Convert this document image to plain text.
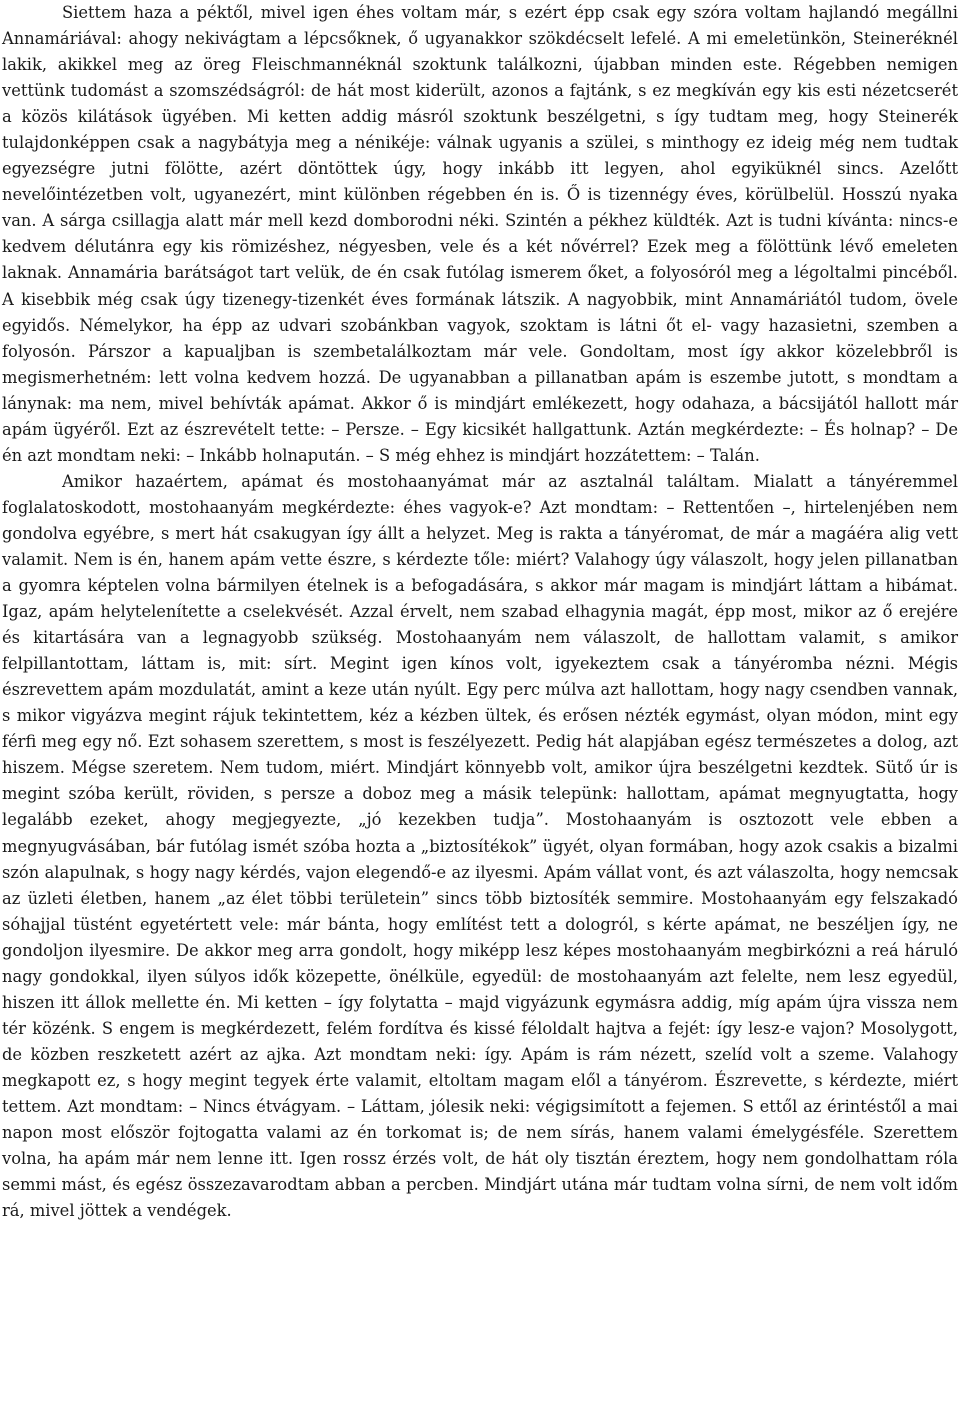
Siettem haza a péktől, mivel igen éhes voltam már, s ezért épp csak egy szóra voltam hajlandó megállni Annamáriával: ahogy nekivágtam a lépcsőknek, ő ugyanakkor szökdécselt lefelé. A mi emeletünkön, Steineréknél lakik, akikkel meg az öreg Fleischmannéknál szoktunk találkozni, újabban minden este. Régebben nemigen vettünk tudomást a szomszédságról: de hát most kiderült, azonos a fajtánk, s ez megkíván egy kis esti nézetcserét a közös kilátások ügyében. Mi ketten addig másról szoktunk beszélgetni, s így tudtam meg, hogy Steinerék tulajdonképpen csak a nagybátyja meg a nénikéje: válnak ugyanis a szülei, s minthogy ez ideig még nem tudtak egyezségre jutni fölötte, azért döntöttek úgy, hogy inkább itt legyen, ahol egyiküknél sincs. Azelőtt nevelőintézetben volt, ugyanezért, mint különben régebben én is. Ő is tizennégy éves, körülbelül. Hosszú nyaka van. A sárga csillagja alatt már mell kezd domborodni néki. Szintén a pékhez küldték. Azt is tudni kívánta: nincs-e kedvem délutánra egy kis römizéshez, négyesben, vele és a két nővérrel? Ezek meg a fölöttünk lévő emeleten laknak. Annamária barátságot tart velük, de én csak futólag ismerem őket, a folyosóról meg a légoltalmi pincéből. A kisebbik még csak úgy tizenegy-tizenkét éves formának látszik. A nagyobbik, mint Annamáriától tudom, övele egyidős. Némelykor, ha épp az udvari szobánkban vagyok, szoktam is látni őt el- vagy hazasietni, szemben a folyosón. Párszor a kapualjban is szembetalálkoztam már vele. Gondoltam, most így akkor közelebbről is megismerhetném: lett volna kedvem hozzá. De ugyanabban a pillanatban apám is eszembe jutott, s mondtam a lánynak: ma nem, mivel behívták apámat. Akkor ő is mindjárt emlékezett, hogy odahaza, a bácsijától hallott már apám ügyéről. Ezt az észrevételt tette: – Persze. – Egy kicsikét hallgattunk. Aztán megkérdezte: – És holnap? – De én azt mondtam neki: – Inkább holnapután. – S még ehhez is mindjárt hozzátettem: – Talán.

Amikor hazaértem, apámat és mostohaanyámat már az asztalnál találtam. Mialatt a tányéremmel foglalatoskodott, mostohaanyám megkérdezte: éhes vagyok-e? Azt mondtam: – Rettentően –, hirtelenjében nem gondolva egyébre, s mert hát csakugyan így állt a helyzet. Meg is rakta a tányéromat, de már a magáéra alig vett valamit. Nem is én, hanem apám vette észre, s kérdezte tőle: miért? Valahogy úgy válaszolt, hogy jelen pillanatban a gyomra képtelen volna bármilyen ételnek is a befogadására, s akkor már magam is mindjárt láttam a hibámat. Igaz, apám helytelenítette a cselekvését. Azzal érvelt, nem szabad elhagynia magát, épp most, mikor az ő erejére és kitartására van a legnagyobb szükség. Mostohaanyám nem válaszolt, de hallottam valamit, s amikor felpillantottam, láttam is, mit: sírt. Megint igen kínos volt, igyekeztem csak a tányéromba nézni. Mégis észrevettem apám mozdulatát, amint a keze után nyúlt. Egy perc múlva azt hallottam, hogy nagy csendben vannak, s mikor vigyázva megint rájuk tekintettem, kéz a kézben ültek, és erősen nézték egymást, olyan módon, mint egy férfi meg egy nő. Ezt sohasem szerettem, s most is feszélyezett. Pedig hát alapjában egész természetes a dolog, azt hiszem. Mégse szeretem. Nem tudom, miért. Mindjárt könnyebb volt, amikor újra beszélgetni kezdtek. Sütő úr is megint szóba került, röviden, s persze a doboz meg a másik telepünk: hallottam, apámat megnyugtatta, hogy legalább ezeket, ahogy megjegyezte, „jó kezekben tudja”. Mostohaanyám is osztozott vele ebben a megnyugvásában, bár futólag ismét szóba hozta a „biztosítékok” ügyét, olyan formában, hogy azok csakis a bizalmi szón alapulnak, s hogy nagy kérdés, vajon elegendő-e az ilyesmi. Apám vállat vont, és azt válaszolta, hogy nemcsak az üzleti életben, hanem „az élet többi területein” sincs több biztosíték semmire. Mostohaanyám egy felszakadó sóhajjal tüstént egyetértett vele: már bánta, hogy említést tett a dologról, s kérte apámat, ne beszéljen így, ne gondoljon ilyesmire. De akkor meg arra gondolt, hogy miképp lesz képes mostohaanyám megbirkózni a reá háruló nagy gondokkal, ilyen súlyos idők közepette, önélküle, egyedül: de mostohaanyám azt felelte, nem lesz egyedül, hiszen itt állok mellette én. Mi ketten – így folytatta – majd vigyázunk egymásra addig, míg apám újra vissza nem tér közénk. S engem is megkérdezett, felém fordítva és kissé féloldalt hajtva a fejét: így lesz-e vajon? Mosolygott, de közben reszketett azért az ajka. Azt mondtam neki: így. Apám is rám nézett, szelíd volt a szeme. Valahogy megkapott ez, s hogy megint tegyek érte valamit, eltoltam magam elől a tányérom. Észrevette, s kérdezte, miért tettem. Azt mondtam: – Nincs étvágyam. – Láttam, jólesik neki: végigsimított a fejemen. S ettől az érintéstől a mai napon most először fojtogatta valami az én torkomat is; de nem sírás, hanem valami émelygésféle. Szerettem volna, ha apám már nem lenne itt. Igen rossz érzés volt, de hát oly tisztán éreztem, hogy nem gondolhattam róla semmi mást, és egész összezavarodtam abban a percben. Mindjárt utána már tudtam volna sírni, de nem volt időm rá, mivel jöttek a vendégek.
